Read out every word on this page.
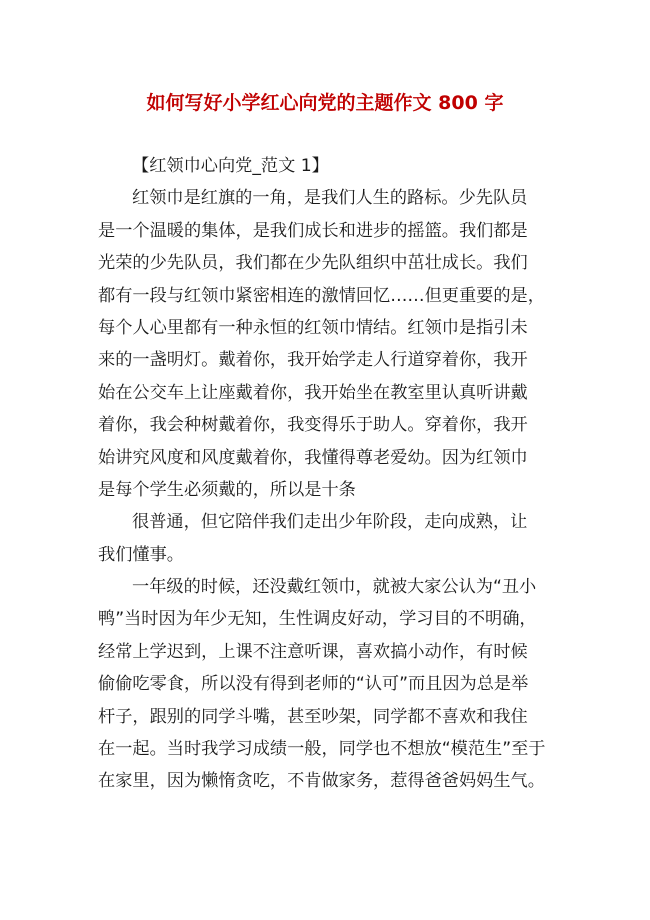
如何写好小学红心向党的主题作文 800 字
【红领巾心向党_范文 1】
红领巾是红旗的一角，是我们人生的路标。少先队员
是一个温暖的集体，是我们成长和进步的摇篮。我们都是
光荣的少先队员，我们都在少先队组织中茁壮成长。我们
都有一段与红领巾紧密相连的激情回忆……但更重要的是，
每个人心里都有一种永恒的红领巾情结。红领巾是指引未
来的一盏明灯。戴着你，我开始学走人行道穿着你，我开
始在公交车上让座戴着你，我开始坐在教室里认真听讲戴
着你，我会种树戴着你，我变得乐于助人。穿着你，我开
始讲究风度和风度戴着你，我懂得尊老爱幼。因为红领巾
是每个学生必须戴的，所以是十条
很普通，但它陪伴我们走出少年阶段，走向成熟，让
我们懂事。
一年级的时候，还没戴红领巾，就被大家公认为“丑小
鸭”当时因为年少无知，生性调皮好动，学习目的不明确，
经常上学迟到，上课不注意听课，喜欢搞小动作，有时候
偷偷吃零食，所以没有得到老师的“认可”而且因为总是举
杆子，跟别的同学斗嘴，甚至吵架，同学都不喜欢和我住
在一起。当时我学习成绩一般，同学也不想放“模范生”至于
在家里，因为懒惰贪吃，不肯做家务，惹得爸爸妈妈生气。
